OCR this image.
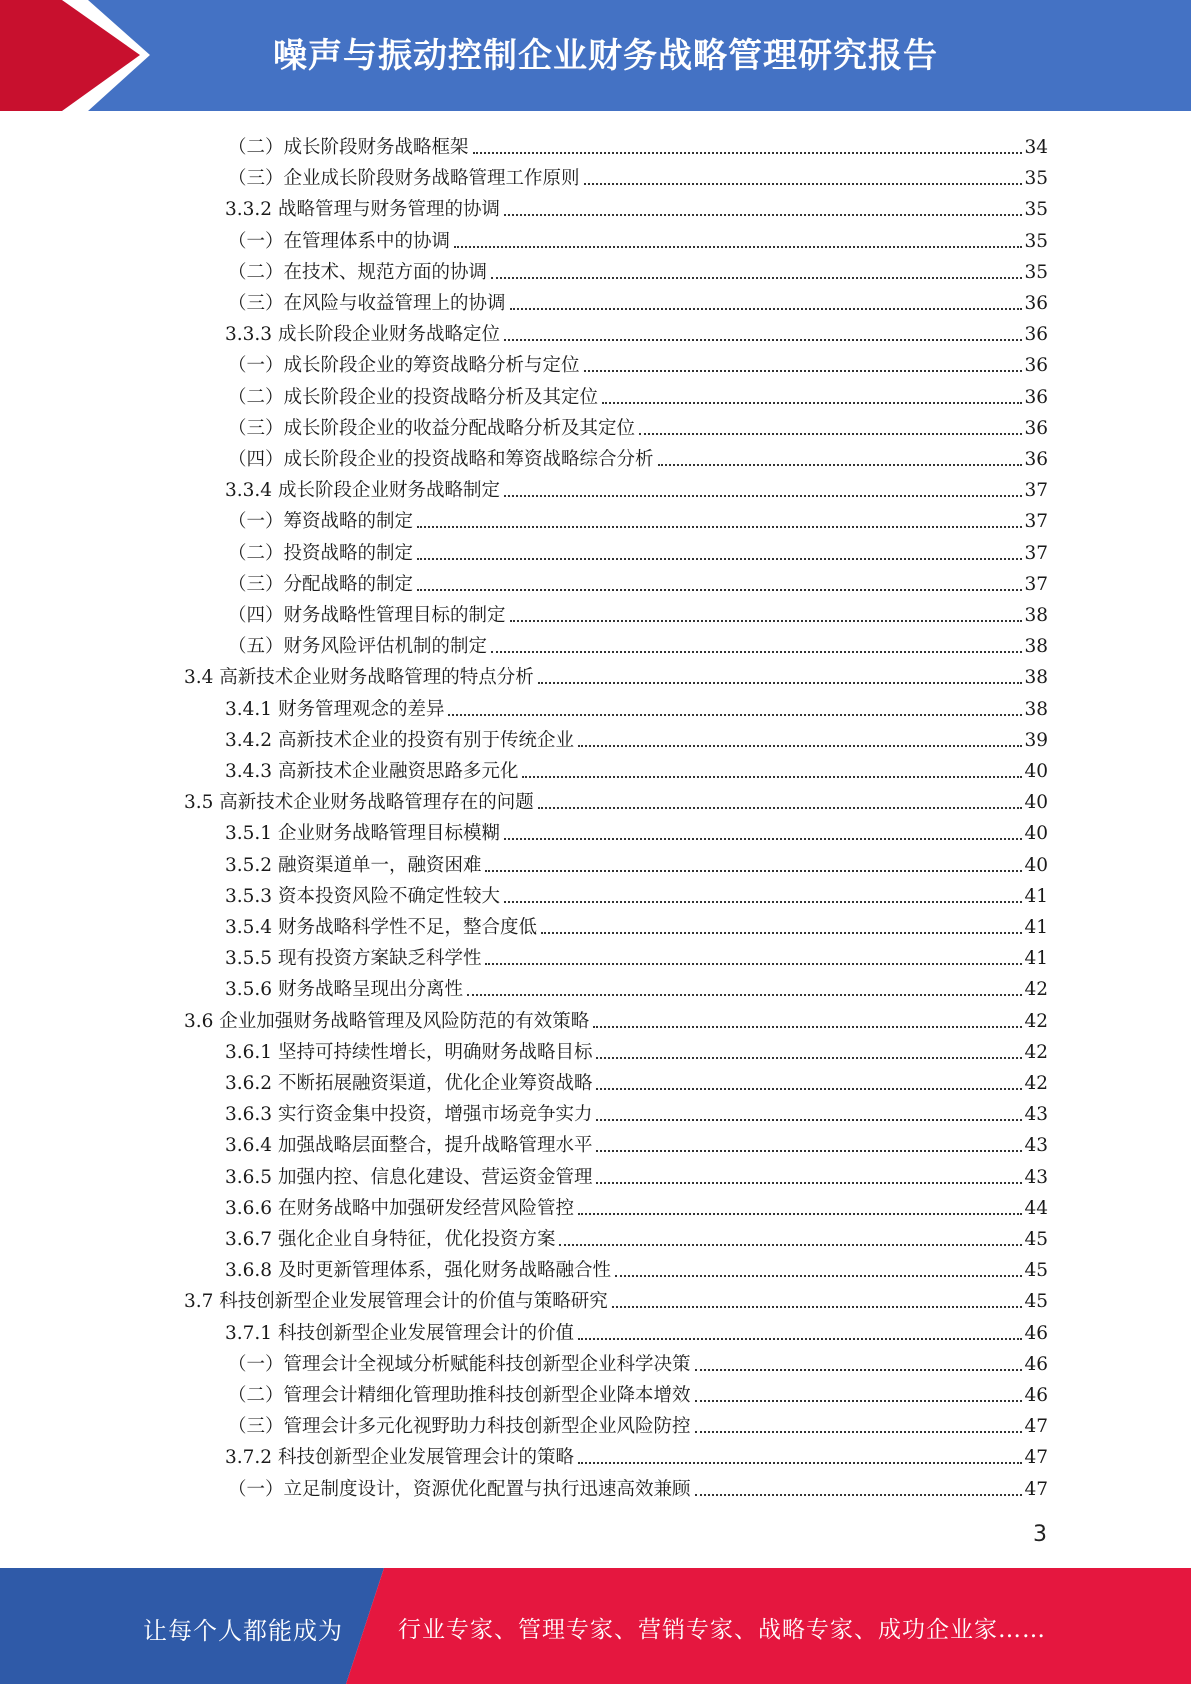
噪声与振动控制企业财务战略管理研究报告
（二）成长阶段财务战略框架	34
（三）企业成长阶段财务战略管理工作原则	35
3.3.2 战略管理与财务管理的协调	35
（一）在管理体系中的协调	35
（二）在技术、规范方面的协调	35
（三）在风险与收益管理上的协调	36
3.3.3 成长阶段企业财务战略定位	36
（一）成长阶段企业的筹资战略分析与定位	36
（二）成长阶段企业的投资战略分析及其定位	36
（三）成长阶段企业的收益分配战略分析及其定位	36
（四）成长阶段企业的投资战略和筹资战略综合分析	36
3.3.4 成长阶段企业财务战略制定	37
（一）筹资战略的制定	37
（二）投资战略的制定	37
（三）分配战略的制定	37
（四）财务战略性管理目标的制定	38
（五）财务风险评估机制的制定	38
3.4 高新技术企业财务战略管理的特点分析	38
3.4.1 财务管理观念的差异	38
3.4.2 高新技术企业的投资有别于传统企业	39
3.4.3 高新技术企业融资思路多元化	40
3.5 高新技术企业财务战略管理存在的问题	40
3.5.1 企业财务战略管理目标模糊	40
3.5.2 融资渠道单一，融资困难	40
3.5.3 资本投资风险不确定性较大	41
3.5.4 财务战略科学性不足，整合度低	41
3.5.5 现有投资方案缺乏科学性	41
3.5.6 财务战略呈现出分离性	42
3.6 企业加强财务战略管理及风险防范的有效策略	42
3.6.1 坚持可持续性增长，明确财务战略目标	42
3.6.2 不断拓展融资渠道，优化企业筹资战略	42
3.6.3 实行资金集中投资，增强市场竞争实力	43
3.6.4 加强战略层面整合，提升战略管理水平	43
3.6.5 加强内控、信息化建设、营运资金管理	43
3.6.6 在财务战略中加强研发经营风险管控	44
3.6.7 强化企业自身特征，优化投资方案	45
3.6.8 及时更新管理体系，强化财务战略融合性	45
3.7 科技创新型企业发展管理会计的价值与策略研究	45
3.7.1 科技创新型企业发展管理会计的价值	46
（一）管理会计全视域分析赋能科技创新型企业科学决策	46
（二）管理会计精细化管理助推科技创新型企业降本增效	46
（三）管理会计多元化视野助力科技创新型企业风险防控	47
3.7.2 科技创新型企业发展管理会计的策略	47
（一）立足制度设计，资源优化配置与执行迅速高效兼顾	47
3
让每个人都能成为 行业专家、管理专家、营销专家、战略专家、成功企业家……
